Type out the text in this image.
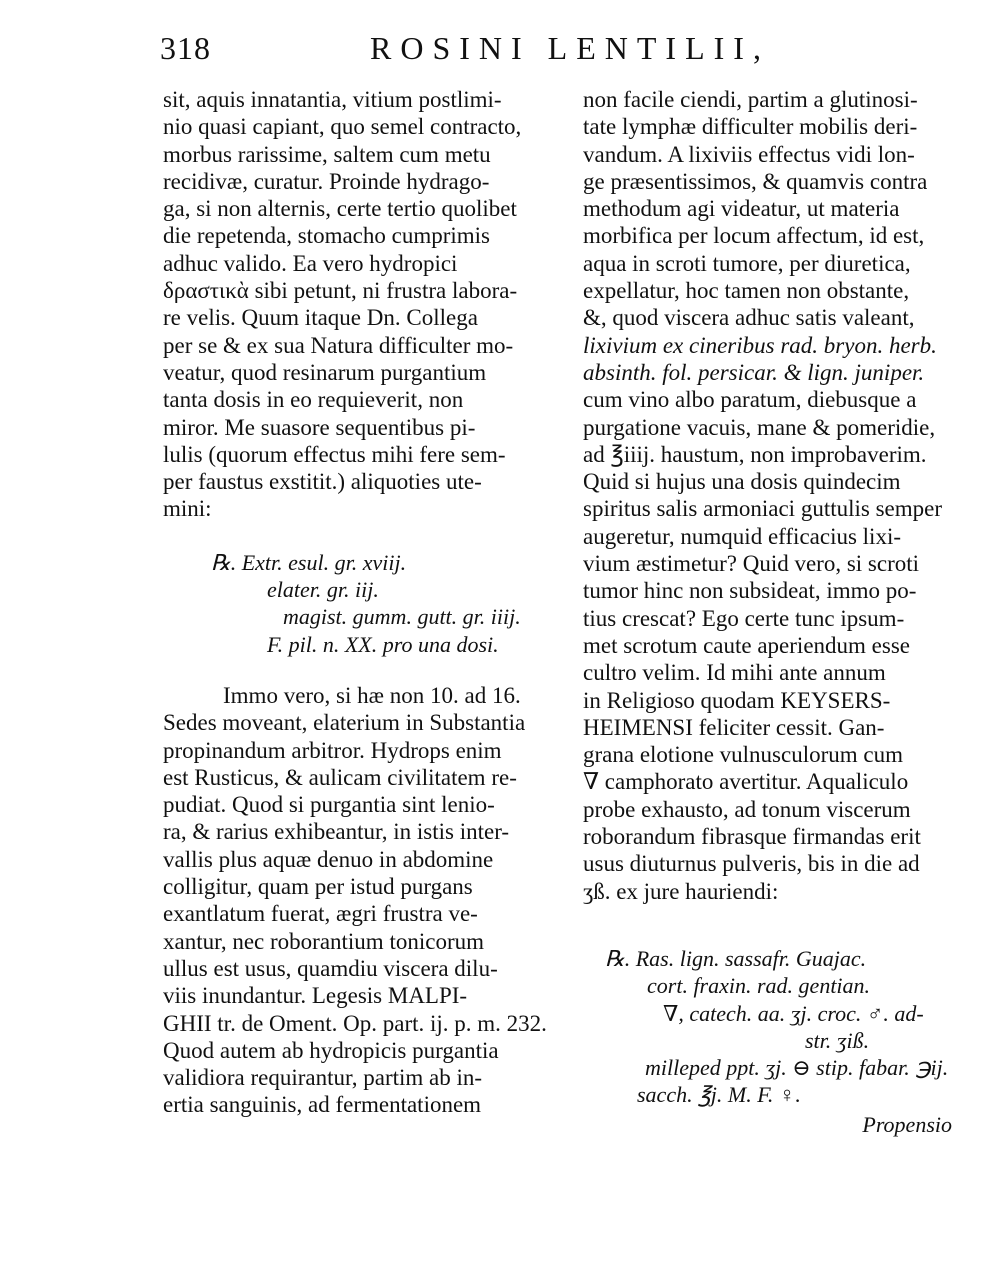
318	ROSINI LENTILII,
sit, aquis innatantia, vitium postlimi-
nio quasi capiant, quo semel contracto,
morbus rarissime, saltem cum metu
recidivæ, curatur. Proinde hydrago-
ga, si non alternis, certe tertio quolibet
die repetenda, stomacho cumprimis
adhuc valido. Ea vero hydropici
δραστικὰ sibi petunt, ni frustra labora-
re velis. Quum itaque Dn. Collega
per se & ex sua Natura difficulter mo-
veatur, quod resinarum purgantium
tanta dosis in eo requieverit, non
miror. Me suasore sequentibus pi-
lulis (quorum effectus mihi fere sem-
per faustus exstitit.) aliquoties ute-
mini:
℞. Extr. esul. gr. xviij.
elater. gr. iij.
magist. gumm. gutt. gr. iiij.
F. pil. n. XX. pro una dosi.
Immo vero, si hæ non 10. ad 16.
Sedes moveant, elaterium in Substantia
propinandum arbitror. Hydrops enim
est Rusticus, & aulicam civilitatem re-
pudiat. Quod si purgantia sint lenio-
ra, & rarius exhibeantur, in istis inter-
vallis plus aquæ denuo in abdomine
colligitur, quam per istud purgans
exantlatum fuerat, ægri frustra ve-
xantur, nec roborantium tonicorum
ullus est usus, quamdiu viscera dilu-
viis inundantur. Legesis MALPI-
GHII tr. de Oment. Op. part. ij. p. m. 232.
Quod autem ab hydropicis purgantia
validiora requirantur, partim ab in-
ertia sanguinis, ad fermentationem
non facile ciendi, partim a glutinosi-
tate lymphæ difficulter mobilis deri-
vandum. A lixiviis effectus vidi lon-
ge præsentissimos, & quamvis contra
methodum agi videatur, ut materia
morbifica per locum affectum, id est,
aqua in scroti tumore, per diuretica,
expellatur, hoc tamen non obstante,
&, quod viscera adhuc satis valeant,
lixivium ex cineribus rad. bryon. herb.
absinth. fol. persicar. & lign. juniper.
cum vino albo paratum, diebusque a
purgatione vacuis, mane & pomeridie,
ad ℥iiij. haustum, non improbaverim.
Quid si hujus una dosis quindecim
spiritus salis armoniaci guttulis semper
augeretur, numquid efficacius lixi-
vium æstimetur? Quid vero, si scroti
tumor hinc non subsideat, immo po-
tius crescat? Ego certe tunc ipsum-
met scrotum caute aperiendum esse
cultro velim. Id mihi ante annum
in Religioso quodam KEYSERS-
HEIMENSI feliciter cessit. Gan-
grana elotione vulnusculorum cum
∇ camphorato avertitur. Aqualiculo
probe exhausto, ad tonum viscerum
roborandum fibrasque firmandas erit
usus diuturnus pulveris, bis in die ad
ʒß. ex jure hauriendi:
℞. Ras. lign. sassafr. Guajac.
cort. fraxin. rad. gentian.
∇, catech. aa. ʒj. croc. ♂. ad-
str. ʒiß.
milleped ppt. ʒj. ⊖ stip. fabar. ℈ij.
sacch. ℥j. M. F. ♀.
Propensio
